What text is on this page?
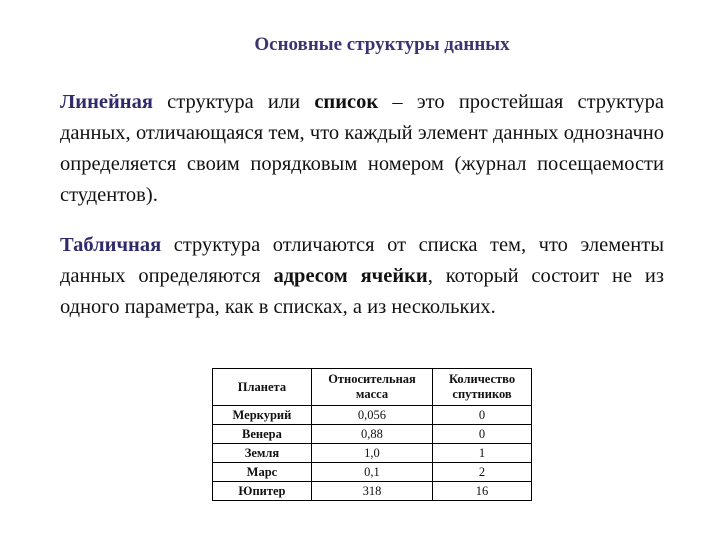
Основные структуры данных
Линейная структура или список – это простейшая структура данных, отличающаяся тем, что каждый элемент данных однозначно определяется своим порядковым номером (журнал посещаемости студентов).
Табличная структура отличаются от списка тем, что элементы данных определяются адресом ячейки, который состоит не из одного параметра, как в списках, а из нескольких.
Планета	Относительная масса	Количество спутников
Меркурий	0,056	0
Венера	0,88	0
Земля	1,0	1
Марс	0,1	2
Юпитер	318	16
